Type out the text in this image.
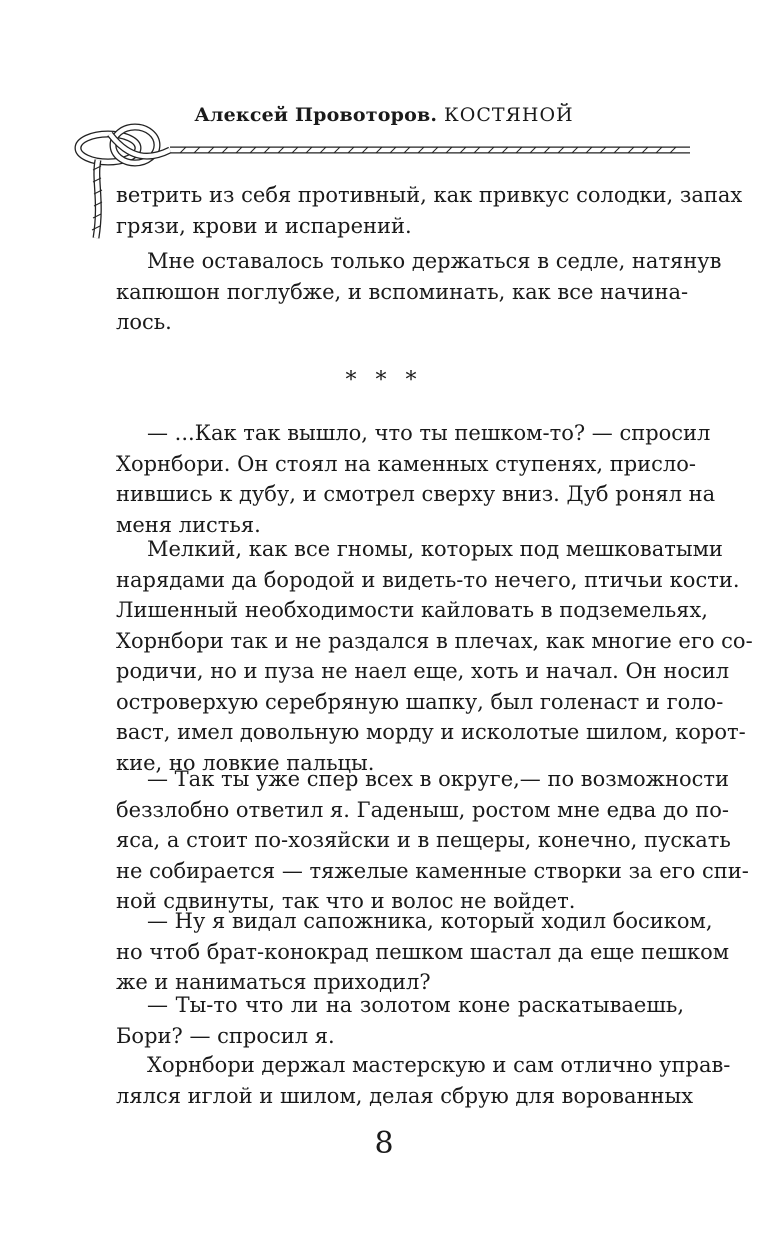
Алексей Провоторов. КОСТЯНОЙ
ветрить из себя противный, как привкус солодки, запах
грязи, крови и испарений.
Мне оставалось только держаться в седле, натянув
капюшон поглубже, и вспоминать, как все начина-
лось.
* * *
— ...Как так вышло, что ты пешком-то? — спросил
Хорнбори. Он стоял на каменных ступенях, присло-
нившись к дубу, и смотрел сверху вниз. Дуб ронял на
меня листья.
Мелкий, как все гномы, которых под мешковатыми
нарядами да бородой и видеть-то нечего, птичьи кости.
Лишенный необходимости кайловать в подземельях,
Хорнбори так и не раздался в плечах, как многие его со-
родичи, но и пуза не наел еще, хоть и начал. Он носил
островерхую серебряную шапку, был голенаст и голо-
васт, имел довольную морду и исколотые шилом, корот-
кие, но ловкие пальцы.
— Так ты уже спер всех в округе,— по возможности
беззлобно ответил я. Гаденыш, ростом мне едва до по-
яса, а стоит по-хозяйски и в пещеры, конечно, пускать
не собирается — тяжелые каменные створки за его спи-
ной сдвинуты, так что и волос не войдет.
— Ну я видал сапожника, который ходил босиком,
но чтоб брат-конокрад пешком шастал да еще пешком
же и наниматься приходил?
— Ты-то что ли на золотом коне раскатываешь,
Бори? — спросил я.
Хорнбори держал мастерскую и сам отлично управ-
лялся иглой и шилом, делая сбрую для ворованных
8
